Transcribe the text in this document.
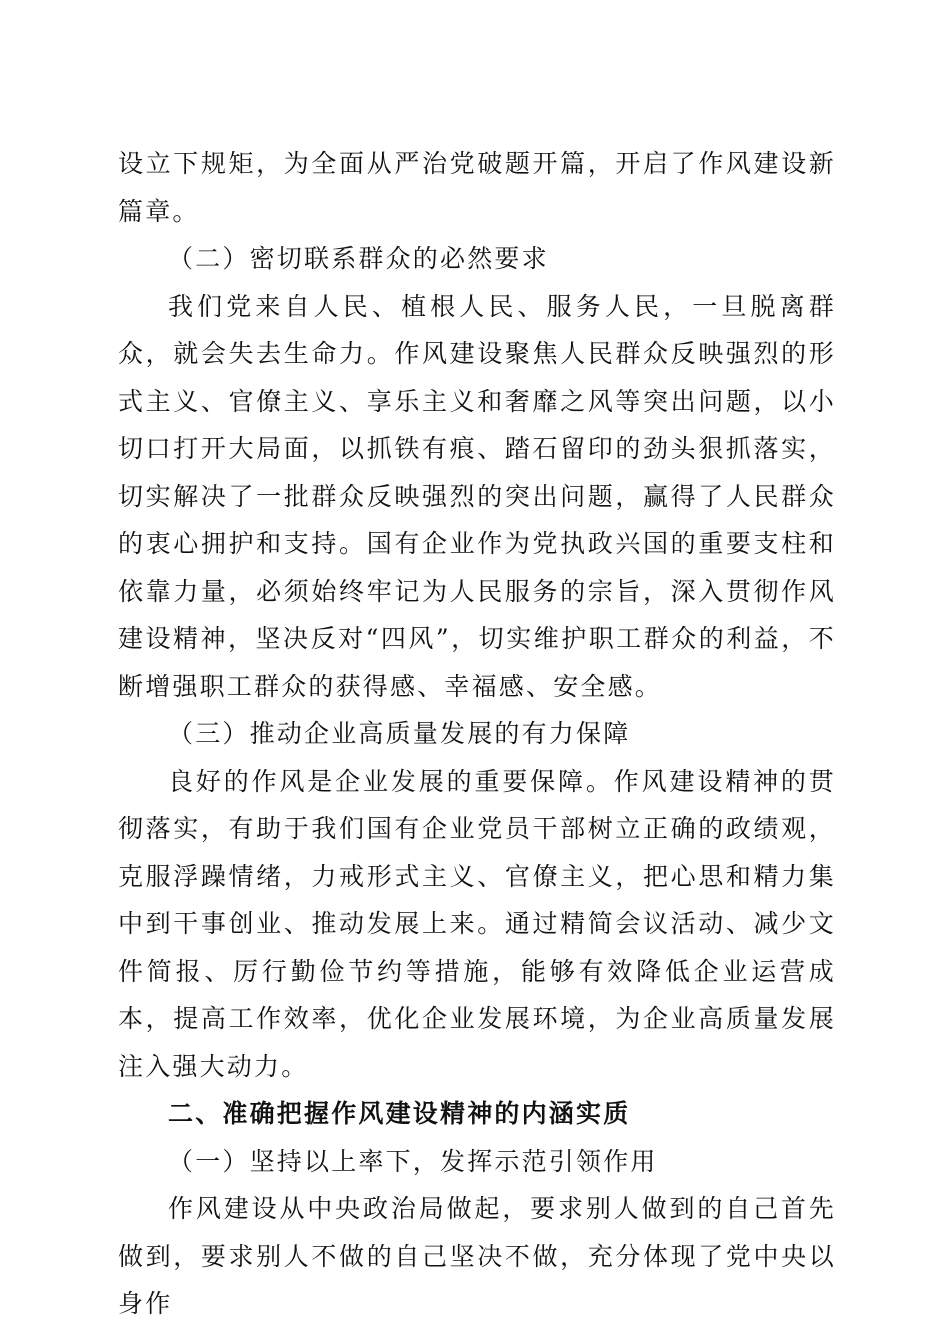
设立下规矩，为全面从严治党破题开篇，开启了作风建设新篇章。

（二）密切联系群众的必然要求

我们党来自人民、植根人民、服务人民，一旦脱离群众，就会失去生命力。作风建设聚焦人民群众反映强烈的形式主义、官僚主义、享乐主义和奢靡之风等突出问题，以小切口打开大局面，以抓铁有痕、踏石留印的劲头狠抓落实，切实解决了一批群众反映强烈的突出问题，赢得了人民群众的衷心拥护和支持。国有企业作为党执政兴国的重要支柱和依靠力量，必须始终牢记为人民服务的宗旨，深入贯彻作风建设精神，坚决反对“四风”，切实维护职工群众的利益，不断增强职工群众的获得感、幸福感、安全感。

（三）推动企业高质量发展的有力保障

良好的作风是企业发展的重要保障。作风建设精神的贯彻落实，有助于我们国有企业党员干部树立正确的政绩观，克服浮躁情绪，力戒形式主义、官僚主义，把心思和精力集中到干事创业、推动发展上来。通过精简会议活动、减少文件简报、厉行勤俭节约等措施，能够有效降低企业运营成本，提高工作效率，优化企业发展环境，为企业高质量发展注入强大动力。

二、准确把握作风建设精神的内涵实质

（一）坚持以上率下，发挥示范引领作用

作风建设从中央政治局做起，要求别人做到的自己首先做到，要求别人不做的自己坚决不做，充分体现了党中央以身作
